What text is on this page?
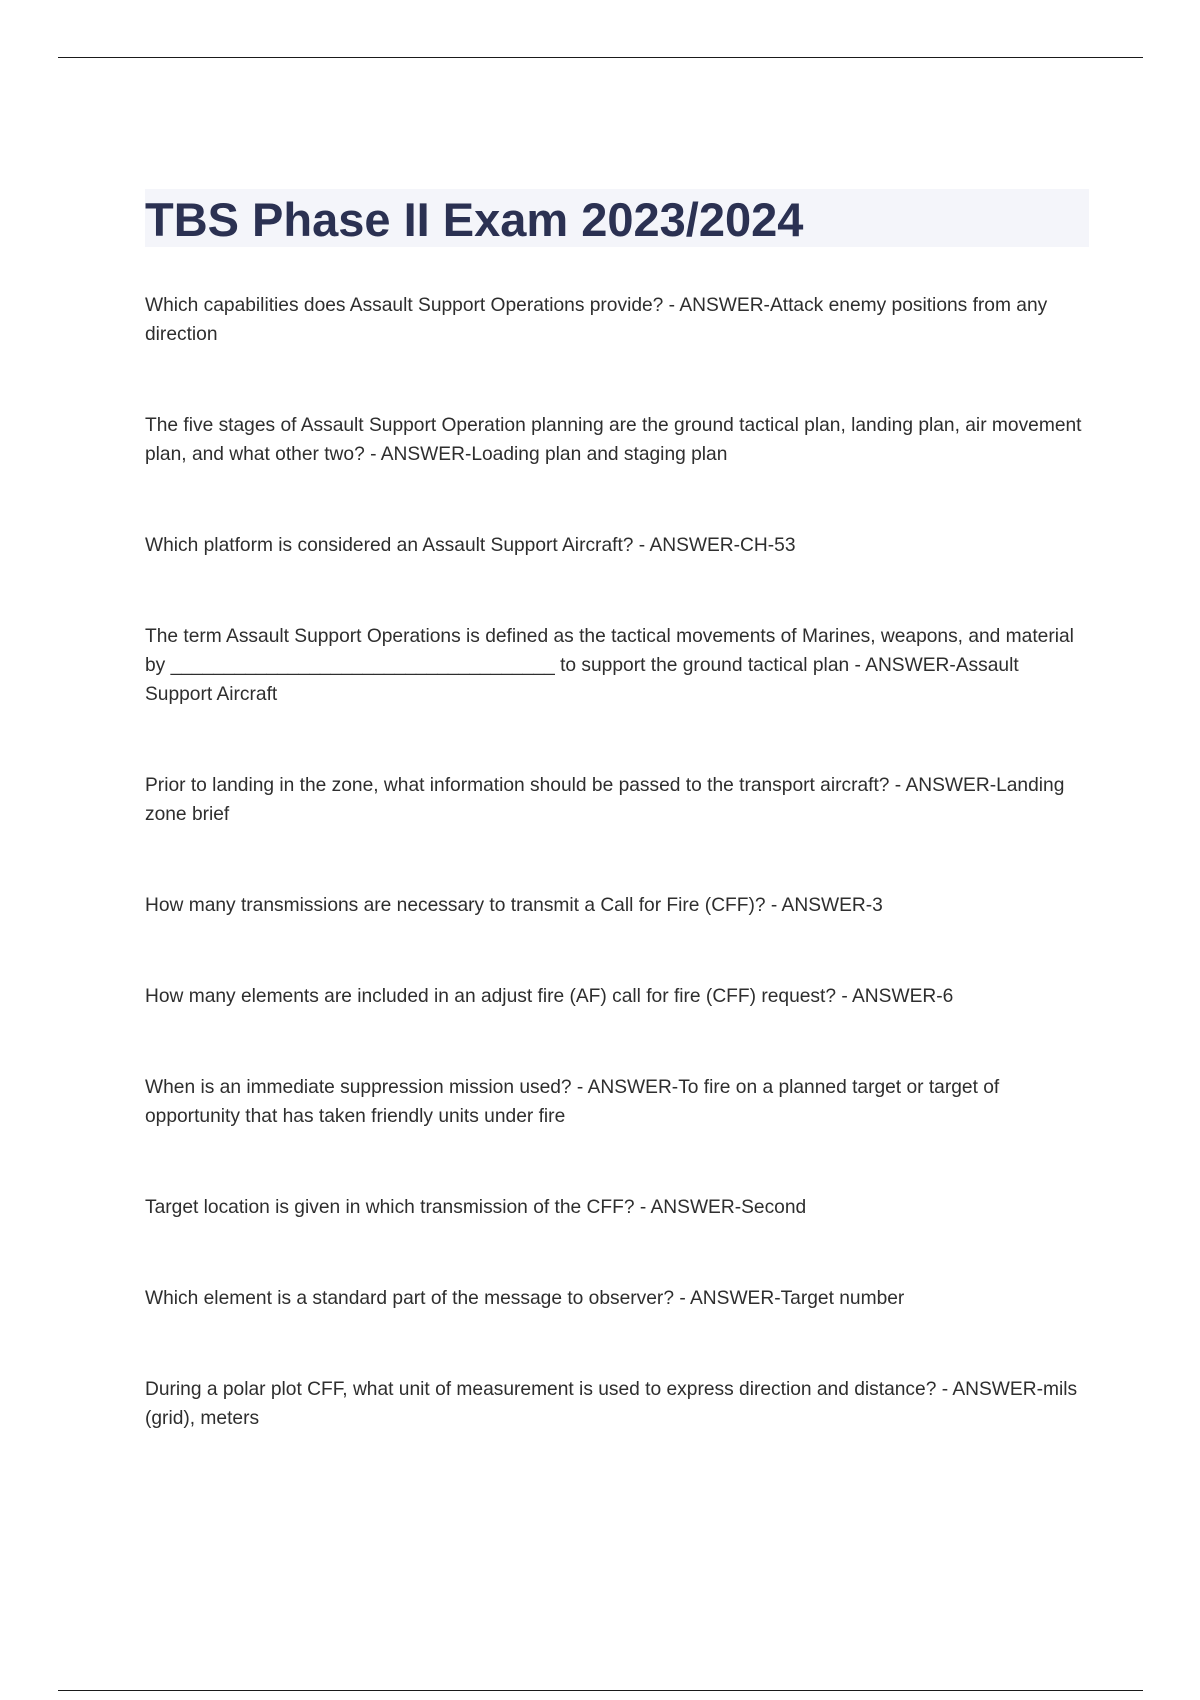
TBS Phase II Exam 2023/2024
Which capabilities does Assault Support Operations provide? - ANSWER-Attack enemy positions from any direction
The five stages of Assault Support Operation planning are the ground tactical plan, landing plan, air movement plan, and what other two? - ANSWER-Loading plan and staging plan
Which platform is considered an Assault Support Aircraft? - ANSWER-CH-53
The term Assault Support Operations is defined as the tactical movements of Marines, weapons, and material by ____________________________________ to support the ground tactical plan - ANSWER-Assault Support Aircraft
Prior to landing in the zone, what information should be passed to the transport aircraft? - ANSWER-Landing zone brief
How many transmissions are necessary to transmit a Call for Fire (CFF)? - ANSWER-3
How many elements are included in an adjust fire (AF) call for fire (CFF) request? - ANSWER-6
When is an immediate suppression mission used? - ANSWER-To fire on a planned target or target of opportunity that has taken friendly units under fire
Target location is given in which transmission of the CFF? - ANSWER-Second
Which element is a standard part of the message to observer? - ANSWER-Target number
During a polar plot CFF, what unit of measurement is used to express direction and distance? - ANSWER-mils (grid), meters
